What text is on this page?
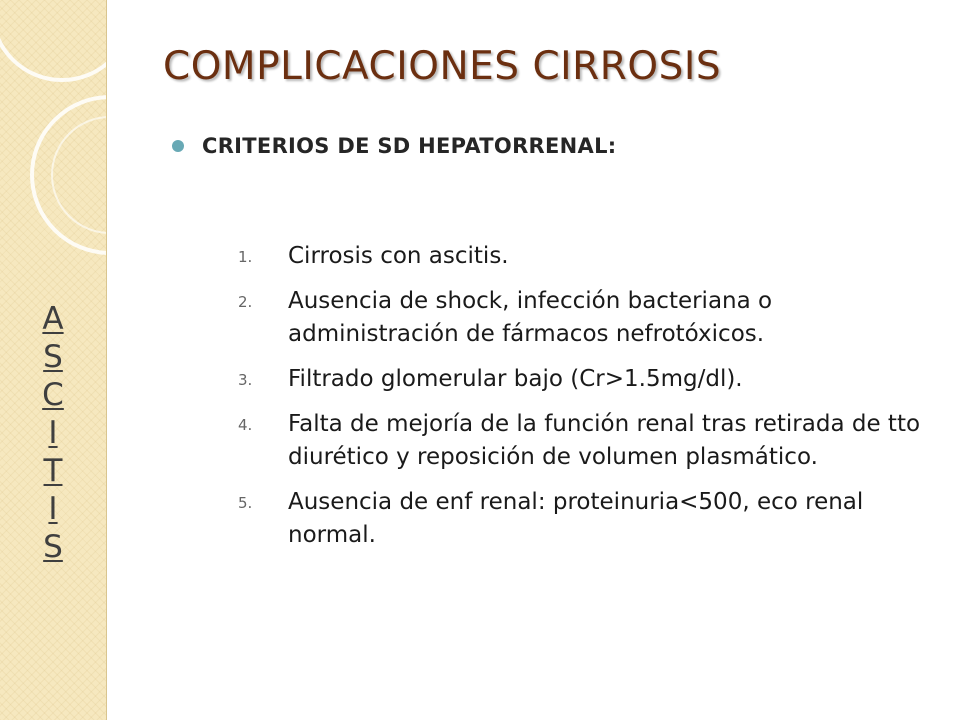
A
S
C
I
T
I
S
COMPLICACIONES CIRROSIS
CRITERIOS DE SD HEPATORRENAL:
1.	Cirrosis con ascitis.
2.	Ausencia de shock, infección bacteriana o administración de fármacos nefrotóxicos.
3.	Filtrado glomerular bajo (Cr>1.5mg/dl).
4.	Falta de mejoría de la función renal tras retirada de tto diurético y reposición de volumen plasmático.
5.	Ausencia de enf renal: proteinuria<500, eco renal normal.
